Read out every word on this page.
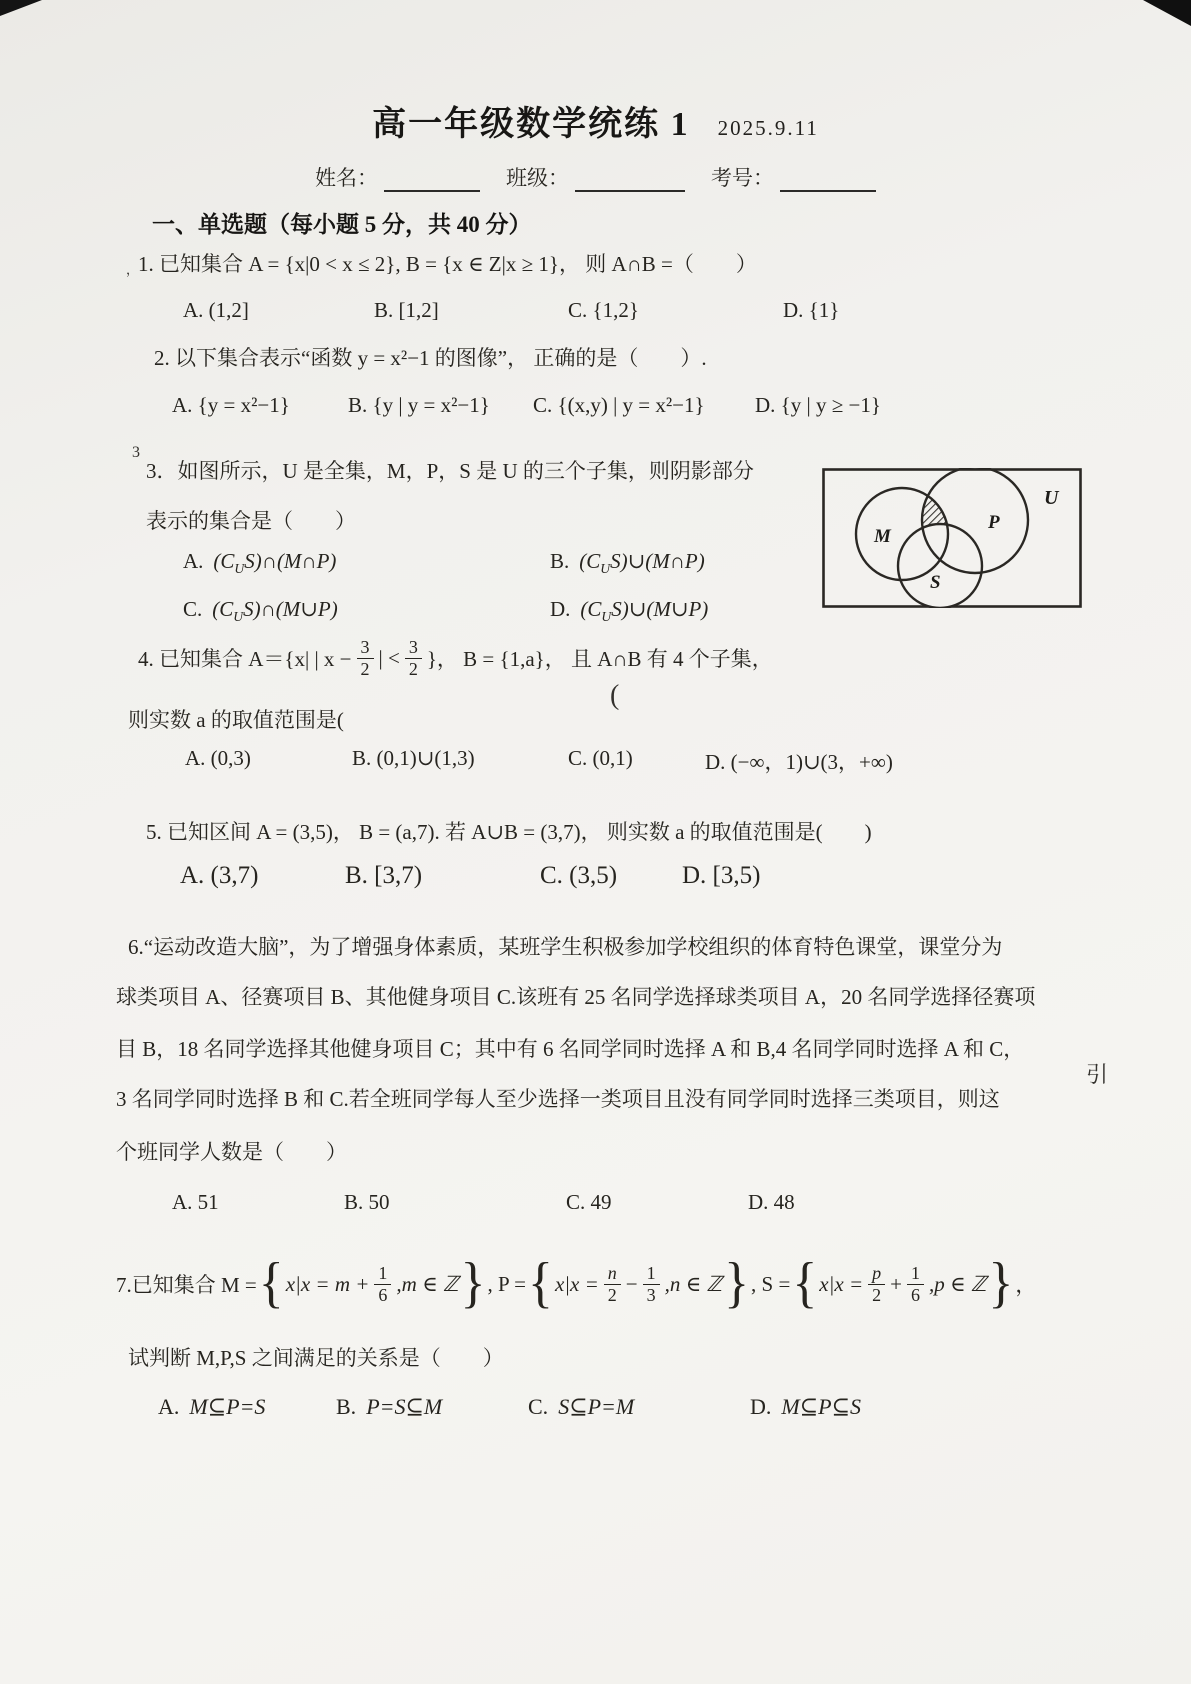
高一年级数学统练 1 2025.9.11
姓名：	班级：	考号：
一、单选题（每小题 5 分，共 40 分）
，
1. 已知集合 A = {x|0 < x ≤ 2}, B = {x ∈ Z|x ≥ 1}， 则 A∩B =（　　）
A. (1,2]	B. [1,2]	C. {1,2}	D. {1}
2. 以下集合表示“函数 y = x²−1 的图像”， 正确的是（　　）.
A. {y = x²−1}	B. {y | y = x²−1} C. {(x,y) | y = x²−1} D. {y | y ≥ −1}
3
3．如图所示，U 是全集，M，P，S 是 U 的三个子集，则阴影部分
表示的集合是（　　）
A. $(C_US)\cap(M\cap P)$	B. $(C_US)\cup(M\cap P)$
C. $(C_US)\cap(M\cup P)$	D. $(C_US)\cup(M\cup P)$
M
P
S
U
4. 已知集合 A＝{x| | $x - \frac{3}{2}$ | < $\frac{3}{2}$ }， B = {1,a}， 且 A∩B 有 4 个子集，
(
则实数 a 的取值范围是(
A. (0,3)	B. (0,1)∪(1,3)	C. (0,1)	D. (−∞，1)∪(3，+∞)
5. 已知区间 A = (3,5)， B = (a,7). 若 A∪B = (3,7)， 则实数 a 的取值范围是(　　)
A. (3,7)	B. [3,7)	C. (3,5)	D. [3,5)
6.“运动改造大脑”，为了增强身体素质，某班学生积极参加学校组织的体育特色课堂，课堂分为
球类项目 A、径赛项目 B、其他健身项目 C.该班有 25 名同学选择球类项目 A，20 名同学选择径赛项
目 B，18 名同学选择其他健身项目 C；其中有 6 名同学同时选择 A 和 B,4 名同学同时选择 A 和 C，
3 名同学同时选择 B 和 C.若全班同学每人至少选择一类项目且没有同学同时选择三类项目，则这
个班同学人数是（　　）
引
A. 51	B. 50	C. 49	D. 48
7.已知集合 M = { $x|x = m + \frac{1}{6} ,m$ ∈ ℤ } , P = { $x|x = \frac{n}{2} - \frac{1}{3} ,n$ ∈ ℤ } , S = { $x|x = \frac{p}{2} + \frac{1}{6} ,p$ ∈ ℤ } ，
试判断 M,P,S 之间满足的关系是（　　）
A. M⊆P=S	B. P=S⊆M	C. S⊆P=M	D. M⊆P⊆S
